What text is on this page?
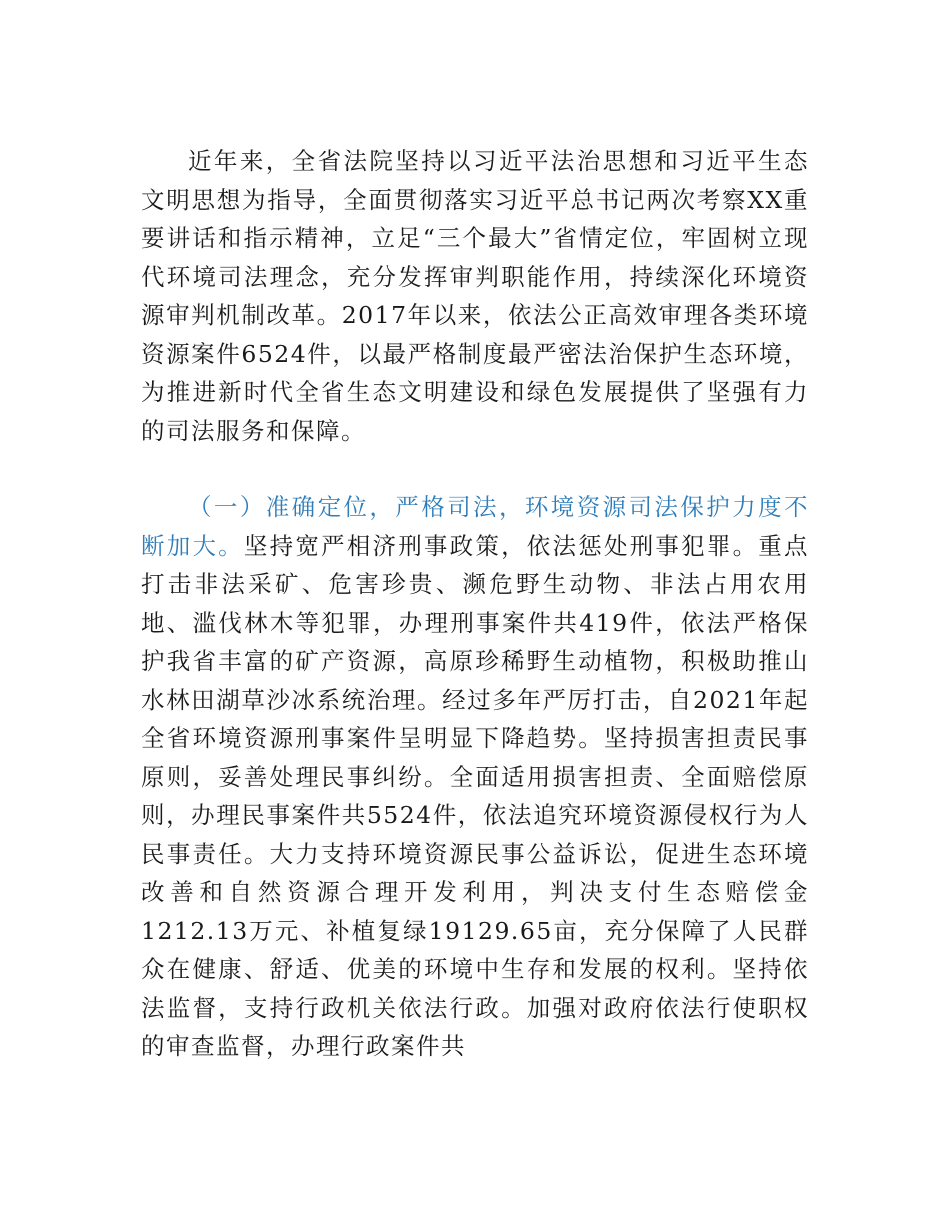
近年来，全省法院坚持以习近平法治思想和习近平生态文明思想为指导，全面贯彻落实习近平总书记两次考察XX重要讲话和指示精神，立足“三个最大”省情定位，牢固树立现代环境司法理念，充分发挥审判职能作用，持续深化环境资源审判机制改革。2017年以来，依法公正高效审理各类环境资源案件6524件，以最严格制度最严密法治保护生态环境，为推进新时代全省生态文明建设和绿色发展提供了坚强有力的司法服务和保障。

（一）准确定位，严格司法，环境资源司法保护力度不断加大。坚持宽严相济刑事政策，依法惩处刑事犯罪。重点打击非法采矿、危害珍贵、濒危野生动物、非法占用农用地、滥伐林木等犯罪，办理刑事案件共419件，依法严格保护我省丰富的矿产资源，高原珍稀野生动植物，积极助推山水林田湖草沙冰系统治理。经过多年严厉打击，自2021年起全省环境资源刑事案件呈明显下降趋势。坚持损害担责民事原则，妥善处理民事纠纷。全面适用损害担责、全面赔偿原则，办理民事案件共5524件，依法追究环境资源侵权行为人民事责任。大力支持环境资源民事公益诉讼，促进生态环境改善和自然资源合理开发利用，判决支付生态赔偿金1212.13万元、补植复绿19129.65亩，充分保障了人民群众在健康、舒适、优美的环境中生存和发展的权利。坚持依法监督，支持行政机关依法行政。加强对政府依法行使职权的审查监督，办理行政案件共
